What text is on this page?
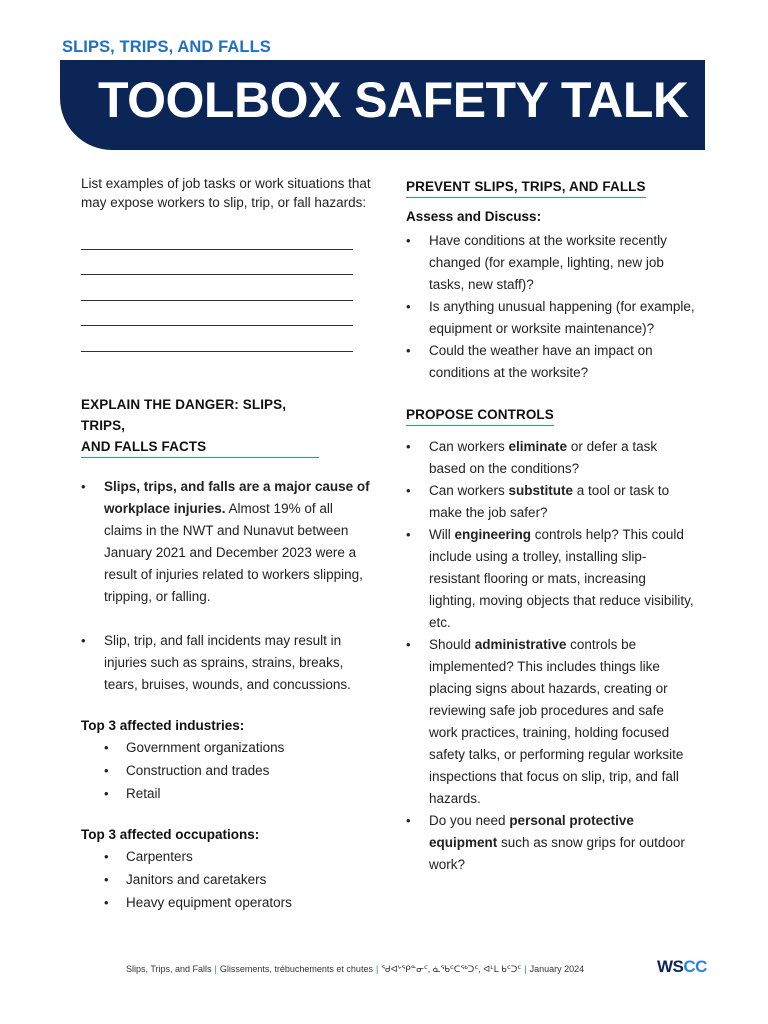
SLIPS, TRIPS, AND FALLS
TOOLBOX SAFETY TALK

List examples of job tasks or work situations that may expose workers to slip, trip, or fall hazards:

EXPLAIN THE DANGER: SLIPS, TRIPS,
AND FALLS FACTS
• Slips, trips, and falls are a major cause of workplace injuries. Almost 19% of all claims in the NWT and Nunavut between January 2021 and December 2023 were a result of injuries related to workers slipping, tripping, or falling.
• Slip, trip, and fall incidents may result in injuries such as sprains, strains, breaks, tears, bruises, wounds, and concussions.
Top 3 affected industries:
• Government organizations
• Construction and trades
• Retail
Top 3 affected occupations:
• Carpenters
• Janitors and caretakers
• Heavy equipment operators
PREVENT SLIPS, TRIPS, AND FALLS
Assess and Discuss:
• Have conditions at the worksite recently changed (for example, lighting, new job tasks, new staff)?
• Is anything unusual happening (for example, equipment or worksite maintenance)?
• Could the weather have an impact on conditions at the worksite?
PROPOSE CONTROLS
• Can workers eliminate or defer a task based on the conditions?
• Can workers substitute a tool or task to make the job safer?
• Will engineering controls help? This could include using a trolley, installing slip-resistant flooring or mats, increasing lighting, moving objects that reduce visibility, etc.
• Should administrative controls be implemented? This includes things like placing signs about hazards, creating or reviewing safe job procedures and safe work practices, training, holding focused safety talks, or performing regular worksite inspections that focus on slip, trip, and fall hazards.
• Do you need personal protective equipment such as snow grips for outdoor work?
Slips, Trips, and Falls | Glissements, trébuchements et chutes | ᖁᐊᔾᕿᓐᓂᑦ, ᓈᖃᑦᑕᖅᑐᑦ, ᐊᒻᒪ ᑲᑦᑐᑦ | January 2024	WSCC
